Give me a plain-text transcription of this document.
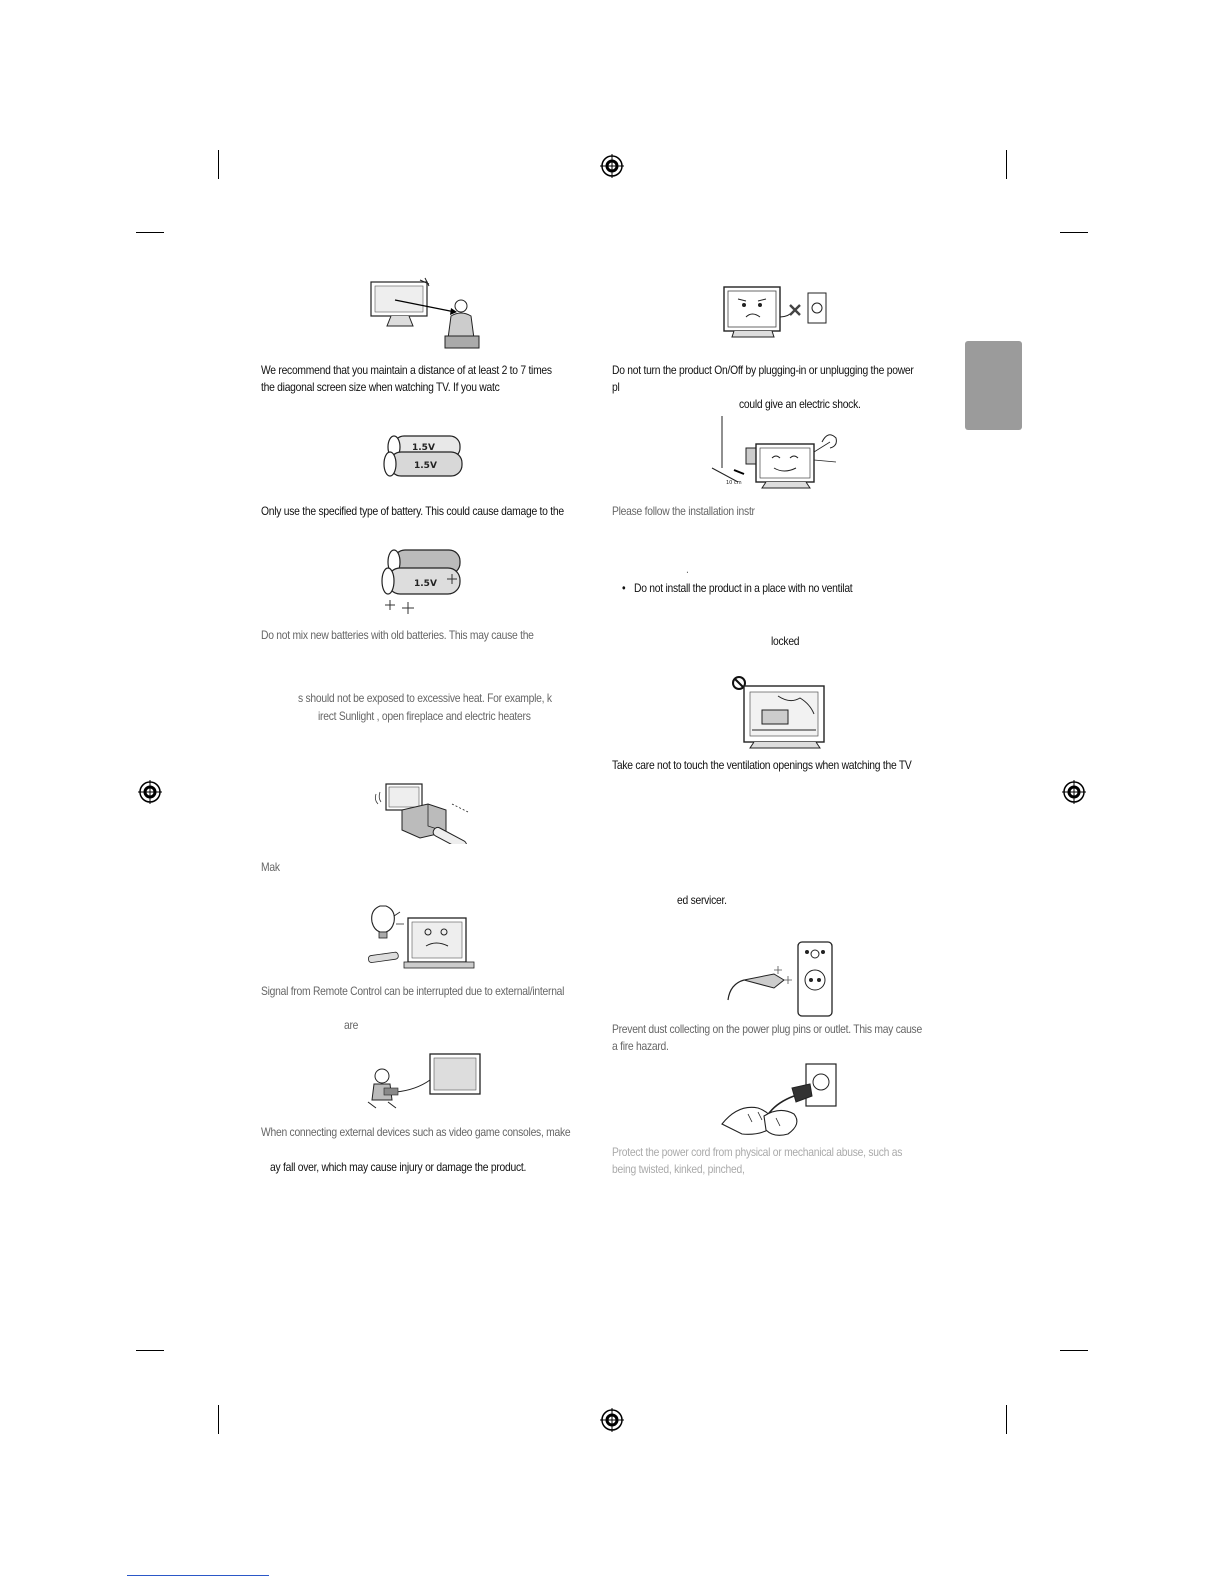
We recommend that you maintain a distance of at least 2 to 7 times
the diagonal screen size when watching TV. If you watc
1.5V
1.5V
Only use the specified type of battery. This could cause damage to the
1.5V
Do not mix new batteries with old batteries. This may cause the
s should not be exposed to excessive heat. For example, k
irect Sunlight , open fireplace and electric heaters
Mak
Signal from Remote Control can be interrupted due to external/internal
are
When connecting external devices such as video game consoles, make
ay fall over, which may cause injury or damage the product.
Do not turn the product On/Off by plugging-in or unplugging the power
pl
could give an electric shock.
10 cm
Please follow the installation instr
.
• Do not install the product in a place with no ventilat
locked
Take care not to touch the ventilation openings when watching the TV
ed servicer.
Prevent dust collecting on the power plug pins or outlet. This may cause
a fire hazard.
Protect the power cord from physical or mechanical abuse, such as
being twisted, kinked, pinched,
